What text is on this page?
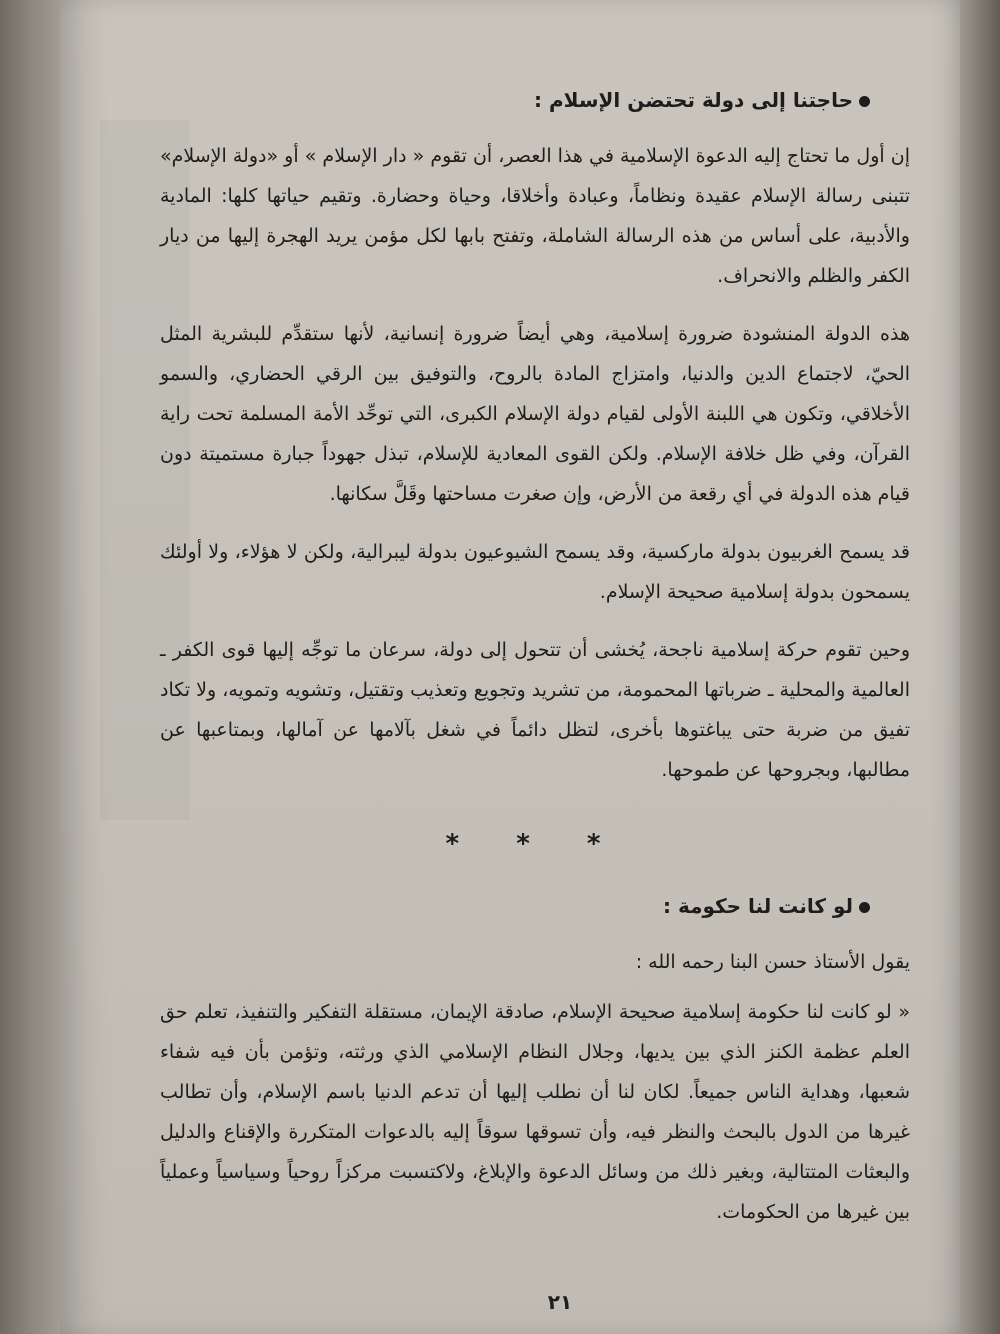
حاجتنا إلى دولة تحتضن الإسلام :

إن أول ما تحتاج إليه الدعوة الإسلامية في هذا العصر، أن تقوم « دار الإسلام » أو «دولة الإسلام» تتبنى رسالة الإسلام عقيدة ونظاماً، وعبادة وأخلاقا، وحياة وحضارة. وتقيم حياتها كلها: المادية والأدبية، على أساس من هذه الرسالة الشاملة، وتفتح بابها لكل مؤمن يريد الهجرة إليها من ديار الكفر والظلم والانحراف.

هذه الدولة المنشودة ضرورة إسلامية، وهي أيضاً ضرورة إنسانية، لأنها ستقدِّم للبشرية المثل الحيّ، لاجتماع الدين والدنيا، وامتزاج المادة بالروح، والتوفيق بين الرقي الحضاري، والسمو الأخلاقي، وتكون هي اللبنة الأولى لقيام دولة الإسلام الكبرى، التي توحِّد الأمة المسلمة تحت راية القرآن، وفي ظل خلافة الإسلام. ولكن القوى المعادية للإسلام، تبذل جهوداً جبارة مستميتة دون قيام هذه الدولة في أي رقعة من الأرض، وإن صغرت مساحتها وقَلَّ سكانها.

قد يسمح الغربيون بدولة ماركسية، وقد يسمح الشيوعيون بدولة ليبرالية، ولكن لا هؤلاء، ولا أولئك يسمحون بدولة إسلامية صحيحة الإسلام.

وحين تقوم حركة إسلامية ناجحة، يُخشى أن تتحول إلى دولة، سرعان ما توجِّه إليها قوى الكفر ـ العالمية والمحلية ـ ضرباتها المحمومة، من تشريد وتجويع وتعذيب وتقتيل، وتشويه وتمويه، ولا تكاد تفيق من ضربة حتى يباغتوها بأخرى، لتظل دائماً في شغل بآلامها عن آمالها، وبمتاعبها عن مطالبها، وبجروحها عن طموحها.

* * *
لو كانت لنا حكومة :

يقول الأستاذ حسن البنا رحمه الله :

« لو كانت لنا حكومة إسلامية صحيحة الإسلام، صادقة الإيمان، مستقلة التفكير والتنفيذ، تعلم حق العلم عظمة الكنز الذي بين يديها، وجلال النظام الإسلامي الذي ورثته، وتؤمن بأن فيه شفاء شعبها، وهداية الناس جميعاً. لكان لنا أن نطلب إليها أن تدعم الدنيا باسم الإسلام، وأن تطالب غيرها من الدول بالبحث والنظر فيه، وأن تسوقها سوقاً إليه بالدعوات المتكررة والإقناع والدليل والبعثات المتتالية، وبغير ذلك من وسائل الدعوة والإبلاغ، ولاكتسبت مركزاً روحياً وسياسياً وعملياً بين غيرها من الحكومات.

٢١
